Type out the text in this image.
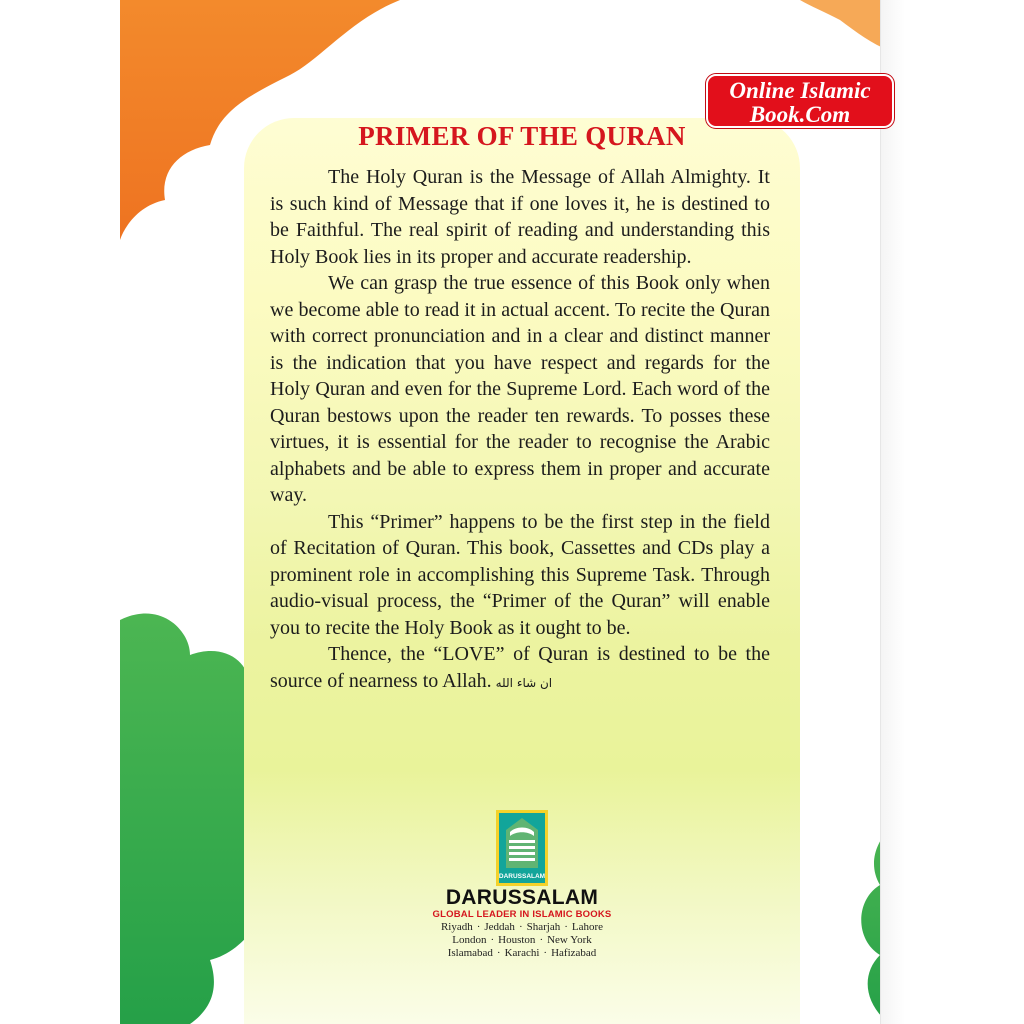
PRIMER OF THE QURAN

The Holy Quran is the Message of Allah Almighty. It is such kind of Message that if one loves it, he is destined to be Faithful. The real spirit of reading and understanding this Holy Book lies in its proper and accurate readership.

We can grasp the true essence of this Book only when we become able to read it in actual accent. To recite the Quran with correct pronunciation and in a clear and distinct manner is the indication that you have respect and regards for the Holy Quran and even for the Supreme Lord. Each word of the Quran bestows upon the reader ten rewards. To posses these virtues, it is essential for the reader to recognise the Arabic alphabets and be able to express them in proper and accurate way.

This “Primer” happens to be the first step in the field of Recitation of Quran. This book, Cassettes and CDs play a prominent role in accomplishing this Supreme Task. Through audio-visual process, the “Primer of the Quran” will enable you to recite the Holy Book as it ought to be.

Thence, the “LOVE” of Quran is destined to be the source of nearness to Allah. ان شاء الله

DARUSSALAM
DARUSSALAM
GLOBAL LEADER IN ISLAMIC BOOKS
Riyadh · Jeddah · Sharjah · Lahore
London · Houston · New York
Islamabad · Karachi · Hafizabad
Online Islamic
Book.Com
